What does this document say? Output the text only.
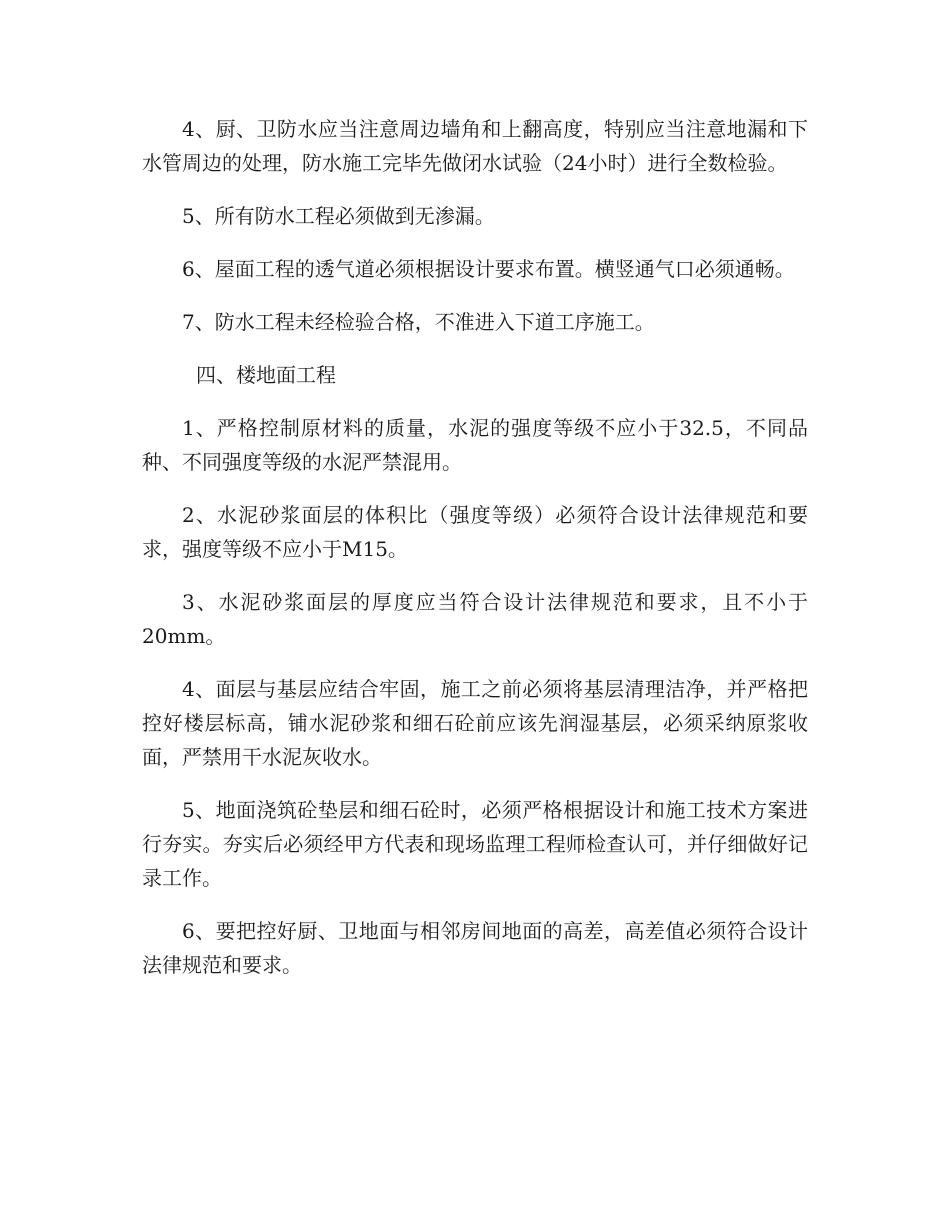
4、厨、卫防水应当注意周边墙角和上翻高度，特别应当注意地漏和下水管周边的处理，防水施工完毕先做闭水试验（24小时）进行全数检验。

5、所有防水工程必须做到无渗漏。

6、屋面工程的透气道必须根据设计要求布置。横竖通气口必须通畅。

7、防水工程未经检验合格，不准进入下道工序施工。

四、楼地面工程

1、严格控制原材料的质量，水泥的强度等级不应小于32.5，不同品种、不同强度等级的水泥严禁混用。

2、水泥砂浆面层的体积比（强度等级）必须符合设计法律规范和要求，强度等级不应小于M15。

3、水泥砂浆面层的厚度应当符合设计法律规范和要求，且不小于20mm。

4、面层与基层应结合牢固，施工之前必须将基层清理洁净，并严格把控好楼层标高，铺水泥砂浆和细石砼前应该先润湿基层，必须采纳原浆收面，严禁用干水泥灰收水。

5、地面浇筑砼垫层和细石砼时，必须严格根据设计和施工技术方案进行夯实。夯实后必须经甲方代表和现场监理工程师检查认可，并仔细做好记录工作。

6、要把控好厨、卫地面与相邻房间地面的高差，高差值必须符合设计法律规范和要求。
